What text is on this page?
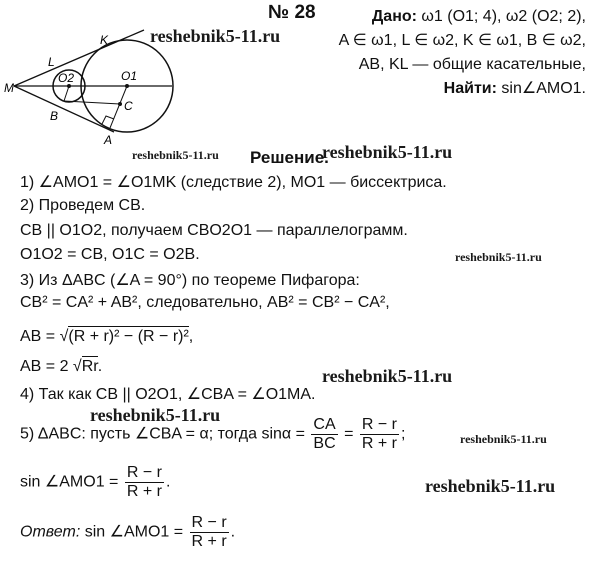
№ 28	Дано: ω1 (O1; 4), ω2 (O2; 2),
A ∈ ω1, L ∈ ω2, K ∈ ω1, B ∈ ω2,
AB, KL — общие касательные,
Найти: sin∠AMO1.
M
L
K
O2	O1
B
C
A
reshebnik5-11.ru
reshebnik5-11.ru	reshebnik5-11.ru
reshebnik5-11.ru
reshebnik5-11.ru
reshebnik5-11.ru
reshebnik5-11.ru
reshebnik5-11.ru
Решение.
1) ∠AMO1 = ∠O1MK (следствие 2), MO1 — биссектриса.
2) Проведем CB.
CB || O1O2, получаем CBO2O1 — параллелограмм.
O1O2 = CB, O1C = O2B.
3) Из ΔABC (∠A = 90°) по теореме Пифагора:
CB² = CA² + AB², следовательно, AB² = CB² − CA²,
AB = √(R + r)² − (R − r)²,
AB = 2 √Rr.
4) Так как CB || O2O1, ∠CBA = ∠O1MA.
5) ΔABC: пусть ∠CBA = α; тогда $\sin\alpha = \frac{CA}{BC} = \frac{R - r}{R + r}$ ;
sin ∠AMO1 = $\frac{R - r}{R + r}$ .
Ответ: sin ∠AMO1 = $\frac{R - r}{R + r}$ .
